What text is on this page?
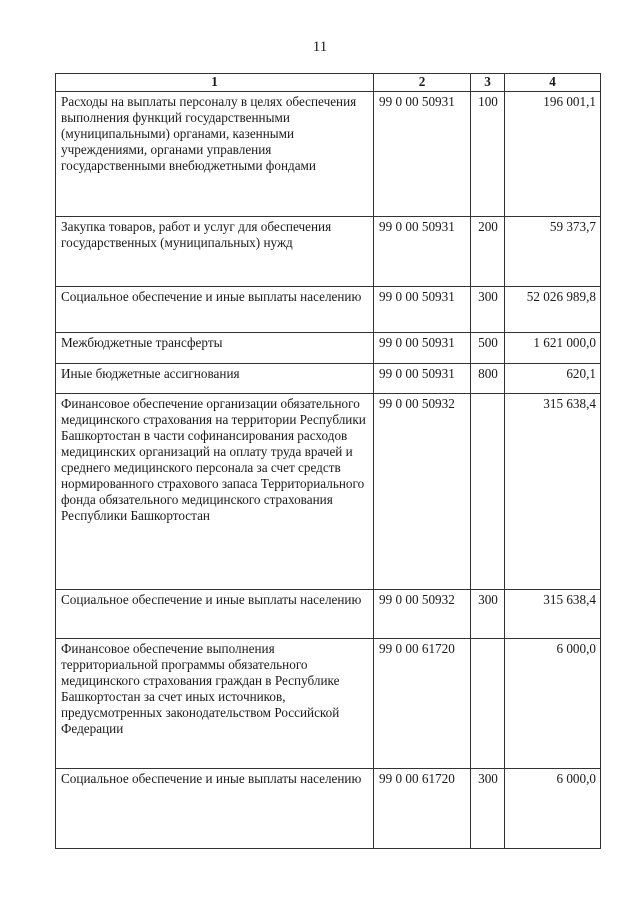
11
1	2	3	4
Расходы на выплаты персоналу в целях обеспечения выполнения функций государственными (муниципальными) органами, казенными учреждениями, органами управления государственными внебюджетными фондами	99 0 00 50931	100	196 001,1
Закупка товаров, работ и услуг для обеспечения государственных (муниципальных) нужд	99 0 00 50931	200	59 373,7
Социальное обеспечение и иные выплаты населению	99 0 00 50931	300	52 026 989,8
Межбюджетные трансферты	99 0 00 50931	500	1 621 000,0
Иные бюджетные ассигнования	99 0 00 50931	800	620,1
Финансовое обеспечение организации обязательного медицинского страхования на территории Республики Башкортостан в части софинансирования расходов медицинских организаций на оплату труда врачей и среднего медицинского персонала за счет средств нормированного страхового запаса Территориального фонда обязательного медицинского страхования Республики Башкортостан	99 0 00 50932		315 638,4
Социальное обеспечение и иные выплаты населению	99 0 00 50932	300	315 638,4
Финансовое обеспечение выполнения территориальной программы обязательного медицинского страхования граждан в Республике Башкортостан за счет иных источников, предусмотренных законодательством Российской Федерации	99 0 00 61720		6 000,0
Социальное обеспечение и иные выплаты населению	99 0 00 61720	300	6 000,0
